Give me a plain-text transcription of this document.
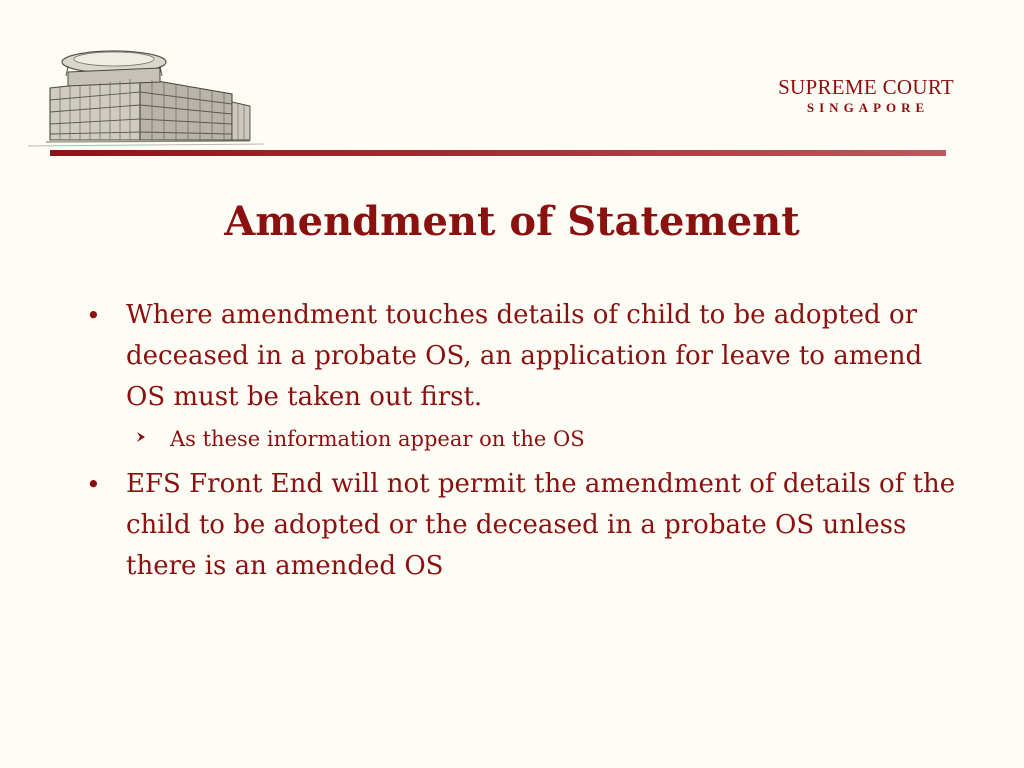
SUPREME COURT
SINGAPORE
Amendment of Statement
• Where amendment touches details of child to be adopted or deceased in a probate OS, an application for leave to amend OS must be taken out first.
As these information appear on the OS
• EFS Front End will not permit the amendment of details of the child to be adopted or the deceased in a probate OS unless there is an amended OS
